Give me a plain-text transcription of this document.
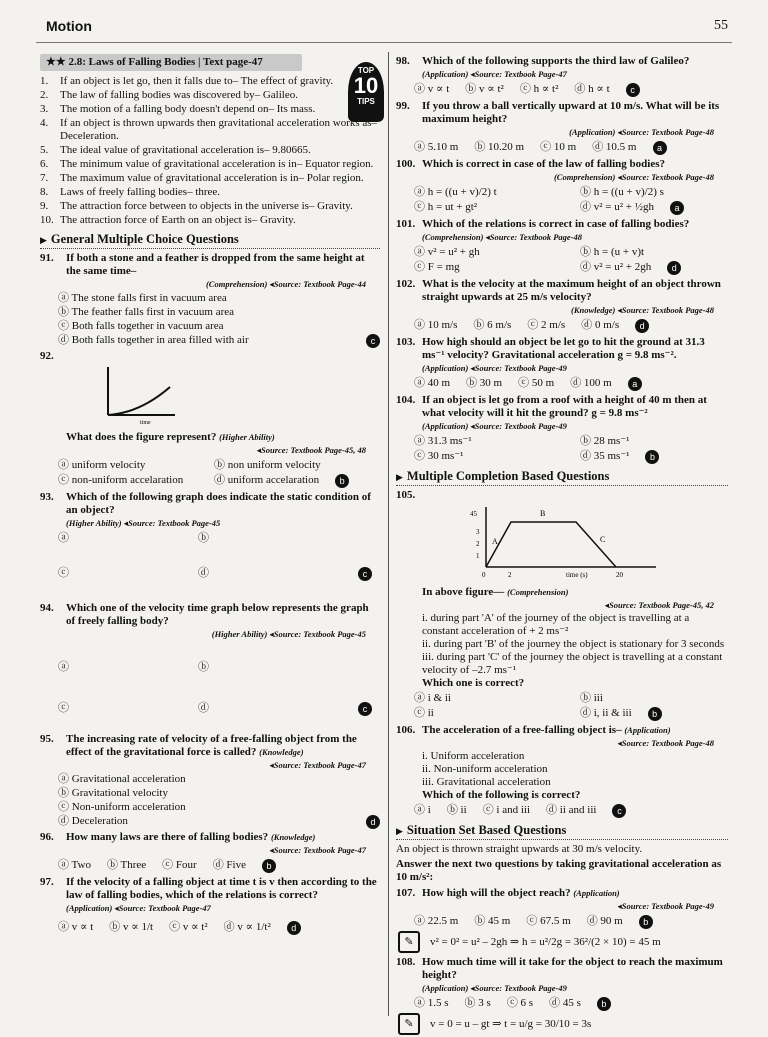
Motion	55
TOP
10
TIPS
★★ 2.8: Laws of Falling Bodies | Text page-47
1.	If an object is let go, then it falls due to– The effect of gravity.
2.	The law of falling bodies was discovered by– Galileo.
3.	The motion of a falling body doesn't depend on– Its mass.
4.	If an object is thrown upwards then gravitational acceleration works as– Deceleration.
5.	The ideal value of gravitational acceleration is– 9.80665.
6.	The minimum value of gravitational acceleration is in– Equator region.
7.	The maximum value of gravitational acceleration is in– Polar region.
8.	Laws of freely falling bodies– three.
9.	The attraction force between to objects in the universe is– Gravity.
10. The attraction force of Earth on an object is– Gravity.
▶ General Multiple Choice Questions
91.	If both a stone and a feather is dropped from the same height at the same time–
(Comprehension) ◂Source: Textbook Page-44
ⓐ The stone falls first in vacuum area
ⓑ The feather falls first in vacuum area
ⓒ Both falls together in vacuum area
ⓓ Both falls together in area filled with air	c
92.
time
What does the figure represent?
(Higher Ability)
◂Source: Textbook Page-45, 48
ⓐ uniform velocity	ⓑ non uniform velocity
ⓒ non-uniform accelaration	ⓓ uniform accelaration	b
93.	Which of the following graph does indicate the static condition of an object?
(Higher Ability) ◂Source: Textbook Page-45
ⓐ	ⓑ
ⓒ	ⓓ	c
94.	Which one of the velocity time graph below represents the graph of freely falling body?
(Higher Ability) ◂Source: Textbook Page-45
ⓐ	ⓑ
ⓒ	ⓓ	c
95.	The increasing rate of velocity of a free-falling object from the effect of the gravitational force is called? (Knowledge)
◂Source: Textbook Page-47
ⓐ Gravitational acceleration
ⓑ Gravitational velocity
ⓒ Non-uniform acceleration
ⓓ Deceleration	d
96.	How many laws are there of falling bodies? (Knowledge)
◂Source: Textbook Page-47
ⓐ Two ⓑ Three ⓒ Four ⓓ Five	b
97.	If the velocity of a falling object at time t is v then according to the law of falling bodies, which of the relations is correct?
(Application) ◂Source: Textbook Page-47
ⓐ v ∝ t ⓑ v ∝ 1/t ⓒ v ∝ t² ⓓ v ∝ 1/t²	d
98.	Which of the following supports the third law of Galileo?
(Application) ◂Source: Textbook Page-47
ⓐ v ∝ t ⓑ v ∝ t² ⓒ h ∝ t² ⓓ h ∝ t	c
99.	If you throw a ball vertically upward at 10 m/s. What will be its maximum height?
(Application) ◂Source: Textbook Page-48
ⓐ 5.10 m ⓑ 10.20 m ⓒ 10 m ⓓ 10.5 m	a
100. Which is correct in case of the law of falling bodies?
(Comprehension) ◂Source: Textbook Page-48
ⓐ h = ((u + v)/2) t	ⓑ h = ((u + v)/2) s
ⓒ h = ut + gt²	ⓓ v² = u² + ½gh	a
101. Which of the relations is correct in case of falling bodies?
(Comprehension) ◂Source: Textbook Page-48
ⓐ v² = u² + gh	ⓑ h = (u + v)t
ⓒ F = mg	ⓓ v² = u² + 2gh	d
102. What is the velocity at the maximum height of an object thrown straight upwards at 25 m/s velocity?
(Knowledge) ◂Source: Textbook Page-48
ⓐ 10 m/s ⓑ 6 m/s ⓒ 2 m/s ⓓ 0 m/s	d
103. How high should an object be let go to hit the ground at 31.3 ms⁻¹ velocity? Gravitational acceleration g = 9.8 ms⁻².
(Application) ◂Source: Textbook Page-49
ⓐ 40 m ⓑ 30 m ⓒ 50 m ⓓ 100 m	a
104. If an object is let go from a roof with a height of 40 m then at what velocity will it hit the ground? g = 9.8 ms⁻²
(Application) ◂Source: Textbook Page-49
ⓐ 31.3 ms⁻¹	ⓑ 28 ms⁻¹
ⓒ 30 ms⁻¹	ⓓ 35 ms⁻¹	b
▶ Multiple Completion Based Questions
105.
45
3
2
1
0	2	time (s)	20
A
B
C
In above figure—
(Comprehension)
◂Source: Textbook Page-45, 42
i. during part 'A' of the journey of the object is travelling at a constant acceleration of + 2 ms⁻²
ii. during part 'B' of the journey the object is stationary for 3 seconds
iii. during part 'C' of the journey the object is travelling at a constant velocity of –2.7 ms⁻¹
Which one is correct?
ⓐ i & ii	ⓑ iii
ⓒ ii	ⓓ i, ii & iii	b
106. The acceleration of a free-falling object is– (Application)
◂Source: Textbook Page-48
i. Uniform acceleration
ii. Non-uniform acceleration
iii. Gravitational acceleration
Which of the following is correct?
ⓐ i ⓑ ii ⓒ i and iii ⓓ ii and iii	c
▶ Situation Set Based Questions
An object is thrown straight upwards at 30 m/s velocity.
Answer the next two questions by taking gravitational acceleration as 10 m/s²:
107. How high will the object reach? (Application)
◂Source: Textbook Page-49
ⓐ 22.5 m ⓑ 45 m ⓒ 67.5 m ⓓ 90 m	b
✎	v² = 0² = u² – 2gh ⇒ h = u²/2g = 36²/(2 × 10) = 45 m
108. How much time will it take for the object to reach the maximum height?
(Application) ◂Source: Textbook Page-49
ⓐ 1.5 s ⓑ 3 s ⓒ 6 s ⓓ 45 s	b
✎	v = 0 = u – gt ⇒ t = u/g = 30/10 = 3s
